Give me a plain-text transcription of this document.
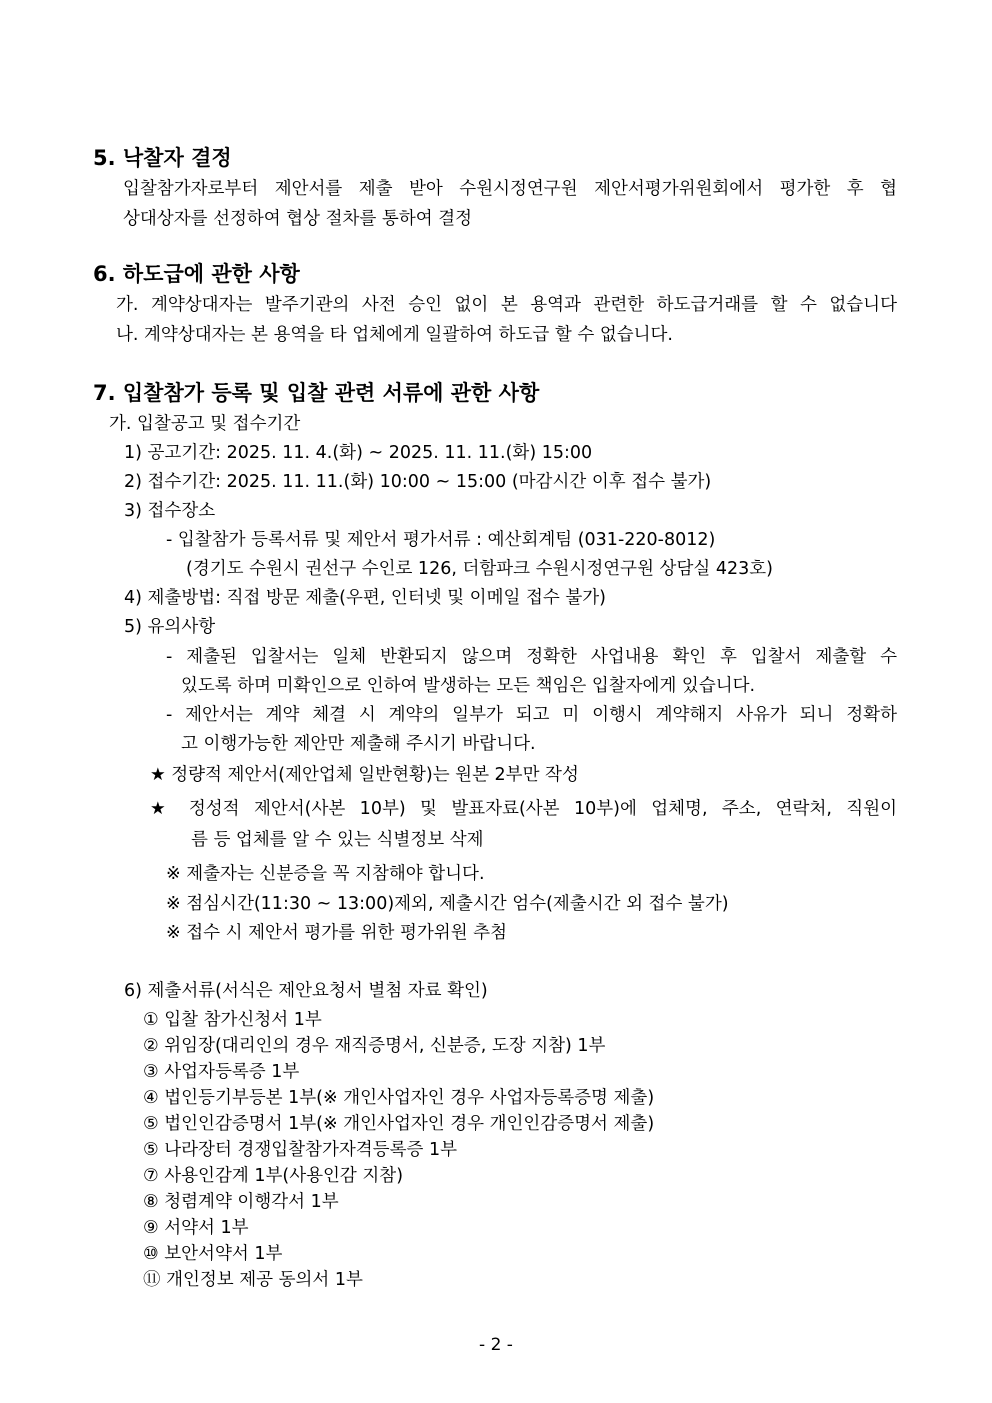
5. 낙찰자 결정
입찰참가자로부터 제안서를 제출 받아 수원시정연구원 제안서평가위원회에서 평가한 후 협
상대상자를 선정하여 협상 절차를 통하여 결정
6. 하도급에 관한 사항
가. 계약상대자는 발주기관의 사전 승인 없이 본 용역과 관련한 하도급거래를 할 수 없습니다
나. 계약상대자는 본 용역을 타 업체에게 일괄하여 하도급 할 수 없습니다.
7. 입찰참가 등록 및 입찰 관련 서류에 관한 사항
가. 입찰공고 및 접수기간
1) 공고기간: 2025. 11. 4.(화) ~ 2025. 11. 11.(화) 15:00
2) 접수기간: 2025. 11. 11.(화) 10:00 ~ 15:00 (마감시간 이후 접수 불가)
3) 접수장소
- 입찰참가 등록서류 및 제안서 평가서류 : 예산회계팀 (031-220-8012)
(경기도 수원시 권선구 수인로 126, 더함파크 수원시정연구원 상담실 423호)
4) 제출방법: 직접 방문 제출(우편, 인터넷 및 이메일 접수 불가)
5) 유의사항
- 제출된 입찰서는 일체 반환되지 않으며 정확한 사업내용 확인 후 입찰서 제출할 수
있도록 하며 미확인으로 인하여 발생하는 모든 책임은 입찰자에게 있습니다.
- 제안서는 계약 체결 시 계약의 일부가 되고 미 이행시 계약해지 사유가 되니 정확하
고 이행가능한 제안만 제출해 주시기 바랍니다.
★ 정량적 제안서(제안업체 일반현황)는 원본 2부만 작성
★ 정성적 제안서(사본 10부) 및 발표자료(사본 10부)에 업체명, 주소, 연락처, 직원이
름 등 업체를 알 수 있는 식별정보 삭제
※ 제출자는 신분증을 꼭 지참해야 합니다.
※ 점심시간(11:30 ~ 13:00)제외, 제출시간 엄수(제출시간 외 접수 불가)
※ 접수 시 제안서 평가를 위한 평가위원 추첨
6) 제출서류(서식은 제안요청서 별첨 자료 확인)
① 입찰 참가신청서 1부
② 위임장(대리인의 경우 재직증명서, 신분증, 도장 지참) 1부
③ 사업자등록증 1부
④ 법인등기부등본 1부(※ 개인사업자인 경우 사업자등록증명 제출)
⑤ 법인인감증명서 1부(※ 개인사업자인 경우 개인인감증명서 제출)
⑤ 나라장터 경쟁입찰참가자격등록증 1부
⑦ 사용인감계 1부(사용인감 지참)
⑧ 청렴계약 이행각서 1부
⑨ 서약서 1부
⑩ 보안서약서 1부
⑪ 개인정보 제공 동의서 1부
- 2 -
